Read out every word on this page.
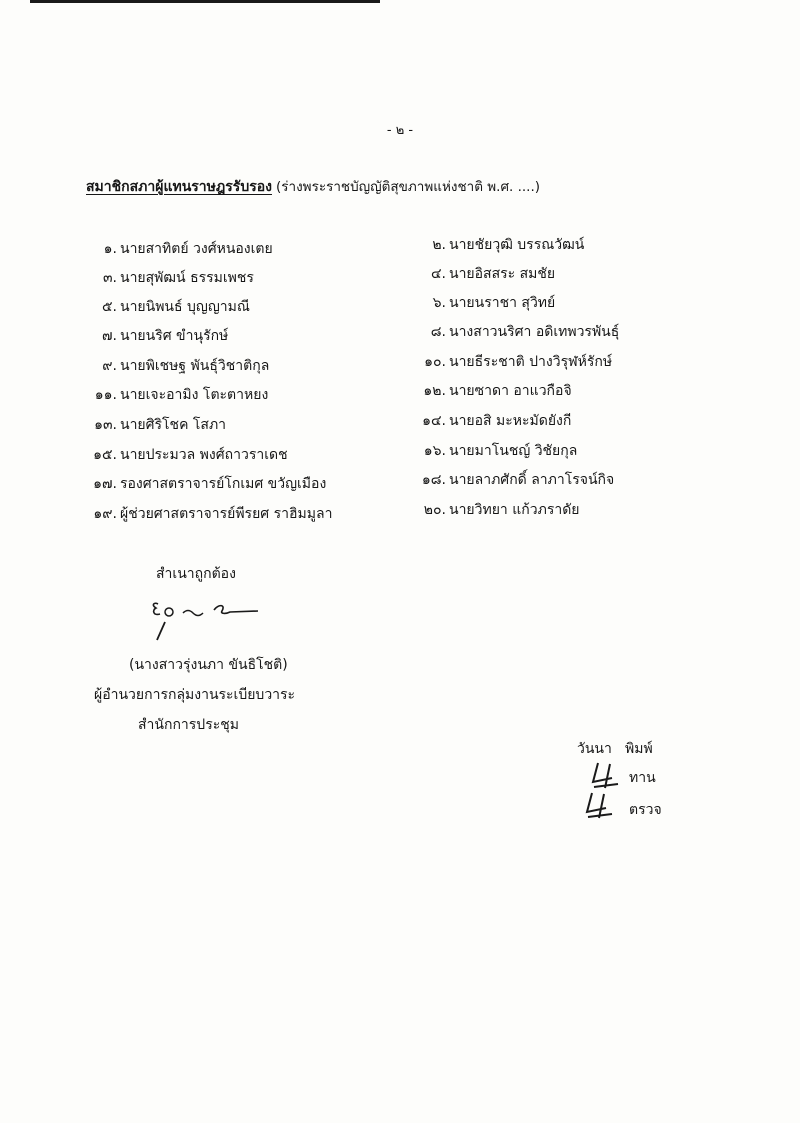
- ๒ -
สมาชิกสภาผู้แทนราษฎรรับรอง (ร่างพระราชบัญญัติสุขภาพแห่งชาติ พ.ศ. ....)
๑. นายสาทิตย์ วงศ์หนองเตย	๒. นายชัยวุฒิ บรรณวัฒน์
๓. นายสุพัฒน์ ธรรมเพชร	๔. นายอิสสระ สมชัย
๕. นายนิพนธ์ บุญญามณี	๖. นายนราชา สุวิทย์
๗. นายนริศ ขำนุรักษ์	๘. นางสาวนริศา อดิเทพวรพันธุ์
๙. นายพิเชษฐ พันธุ์วิชาติกุล	๑๐. นายธีระชาติ ปางวิรุฬห์รักษ์
๑๑. นายเจะอามิง โตะตาหยง	๑๒. นายซาดา อาแวกือจิ
๑๓. นายศิริโชค โสภา	๑๔. นายอสิ มะหะมัดยังกี
๑๕. นายประมวล พงศ์ถาวราเดช	๑๖. นายมาโนชญ์ วิชัยกุล
๑๗. รองศาสตราจารย์โกเมศ ขวัญเมือง	๑๘. นายลาภศักดิ์ ลาภาโรจน์กิจ
๑๙. ผู้ช่วยศาสตราจารย์พีรยศ ราฮิมมูลา	๒๐. นายวิทยา แก้วภราดัย
สำเนาถูกต้อง
(นางสาวรุ่งนภา ขันธิโชติ)
ผู้อำนวยการกลุ่มงานระเบียบวาระ
สำนักการประชุม
วันนา พิมพ์
ทาน
ตรวจ
